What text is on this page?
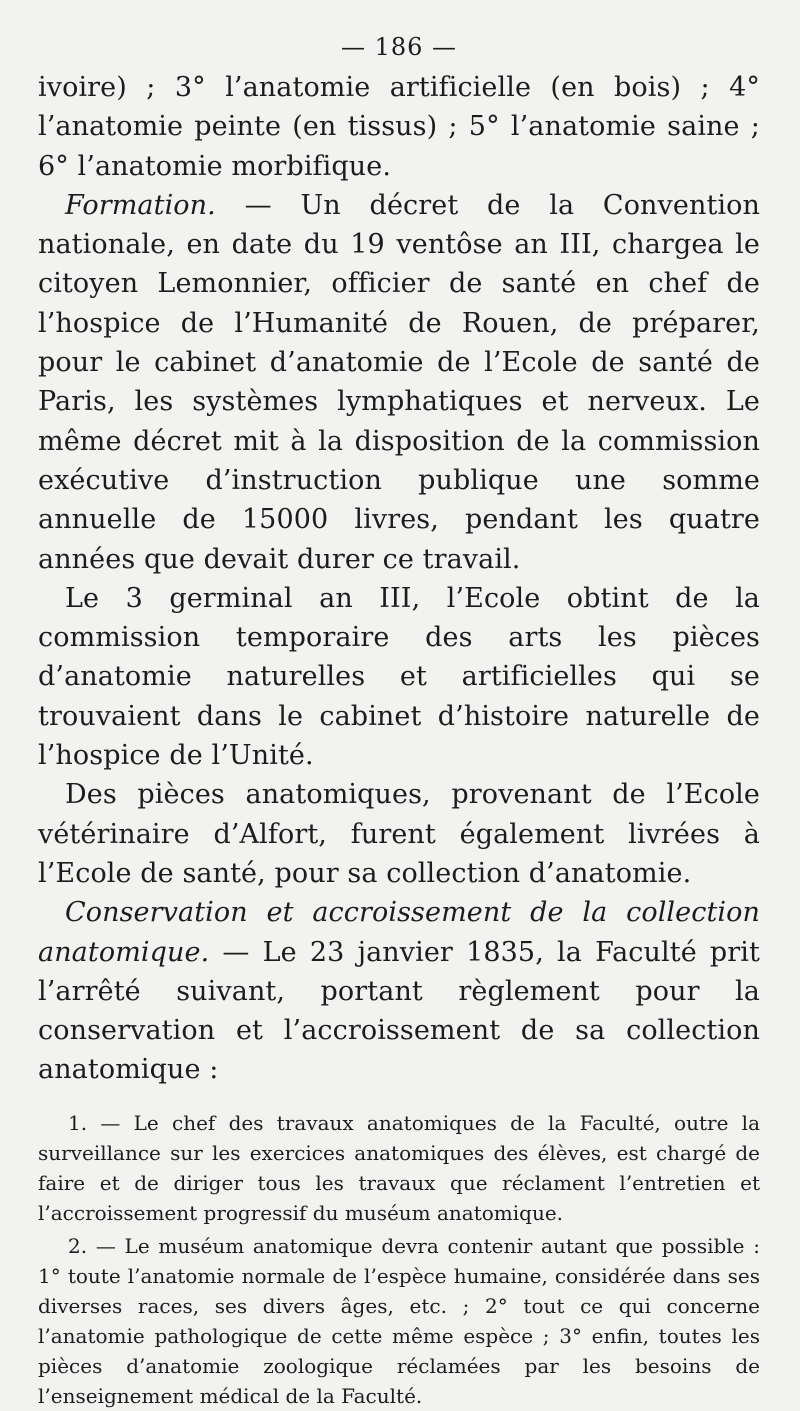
— 186 —

ivoire) ; 3° l’anatomie artificielle (en bois) ; 4° l’anatomie peinte (en tissus) ; 5° l’anatomie saine ; 6° l’anatomie morbifique.

Formation. — Un décret de la Convention nationale, en date du 19 ventôse an III, chargea le citoyen Lemonnier, officier de santé en chef de l’hospice de l’Humanité de Rouen, de préparer, pour le cabinet d’anatomie de l’Ecole de santé de Paris, les systèmes lymphatiques et nerveux. Le même décret mit à la disposition de la commission exécutive d’instruction publique une somme annuelle de 15000 livres, pendant les quatre années que devait durer ce travail.

Le 3 germinal an III, l’Ecole obtint de la commission temporaire des arts les pièces d’anatomie naturelles et artificielles qui se trouvaient dans le cabinet d’histoire naturelle de l’hospice de l’Unité.

Des pièces anatomiques, provenant de l’Ecole vétérinaire d’Alfort, furent également livrées à l’Ecole de santé, pour sa collection d’anatomie.

Conservation et accroissement de la collection anatomique. — Le 23 janvier 1835, la Faculté prit l’arrêté suivant, portant règlement pour la conservation et l’accroissement de sa collection anatomique :

1. — Le chef des travaux anatomiques de la Faculté, outre la surveillance sur les exercices anatomiques des élèves, est chargé de faire et de diriger tous les travaux que réclament l’entretien et l’accroissement progressif du muséum anatomique.

2. — Le muséum anatomique devra contenir autant que possible : 1° toute l’anatomie normale de l’espèce humaine, considérée dans ses diverses races, ses divers âges, etc. ; 2° tout ce qui concerne l’anatomie pathologique de cette même espèce ; 3° enfin, toutes les pièces d’anatomie zoologique réclamées par les besoins de l’enseignement médical de la Faculté.
